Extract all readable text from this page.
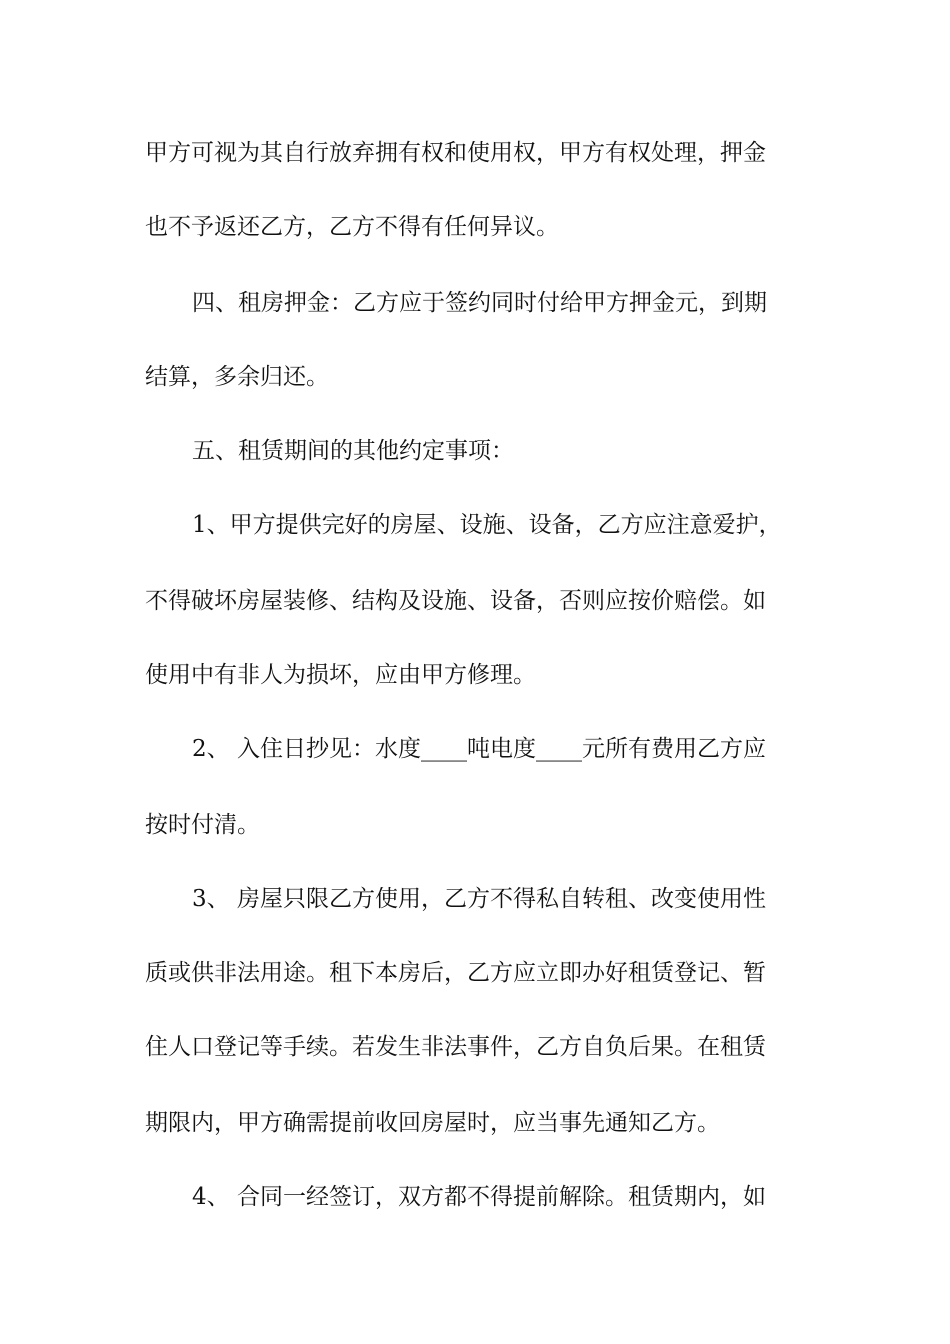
甲方可视为其自行放弃拥有权和使用权，甲方有权处理，押金
也不予返还乙方，乙方不得有任何异议。
四、租房押金：乙方应于签约同时付给甲方押金元，到期
结算，多余归还。
五、租赁期间的其他约定事项：
1、甲方提供完好的房屋、设施、设备，乙方应注意爱护，
不得破坏房屋装修、结构及设施、设备，否则应按价赔偿。如
使用中有非人为损坏，应由甲方修理。
2、 入住日抄见：水度____吨电度____元所有费用乙方应
按时付清。
3、 房屋只限乙方使用，乙方不得私自转租、改变使用性
质或供非法用途。租下本房后，乙方应立即办好租赁登记、暂
住人口登记等手续。若发生非法事件，乙方自负后果。在租赁
期限内，甲方确需提前收回房屋时，应当事先通知乙方。
4、 合同一经签订，双方都不得提前解除。租赁期内，如
